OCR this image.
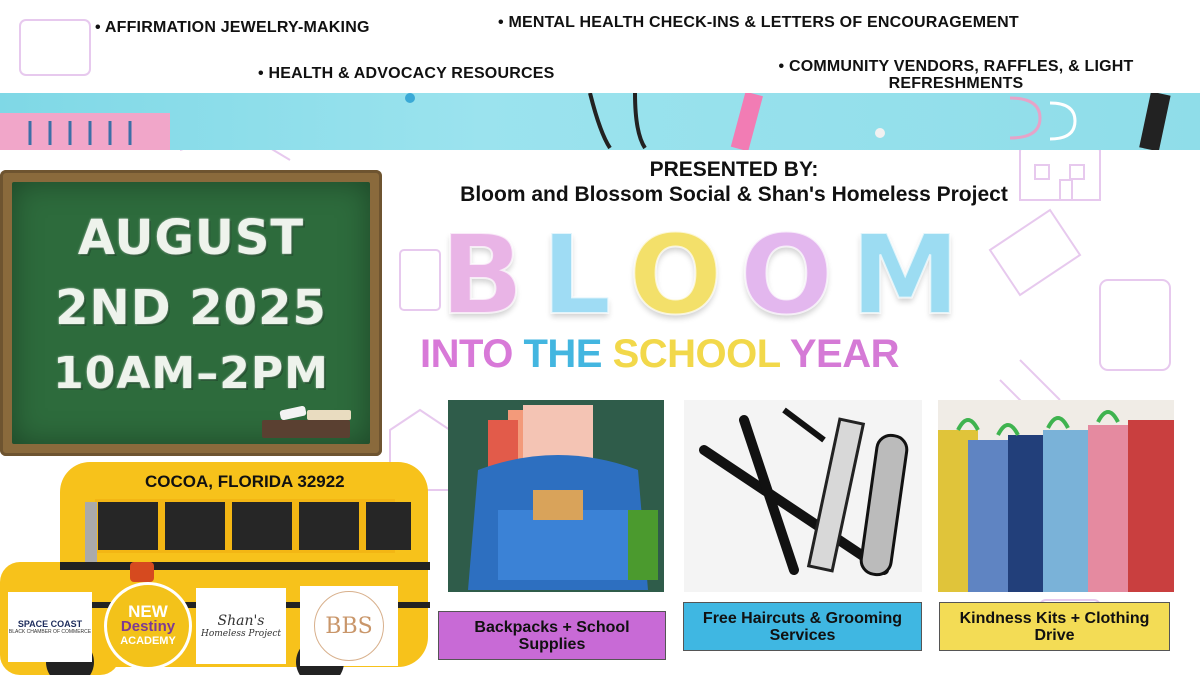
• AFFIRMATION JEWELRY-MAKING	• MENTAL HEALTH CHECK-INS & LETTERS OF ENCOURAGEMENT
• HEALTH & ADVOCACY RESOURCES	• COMMUNITY VENDORS, RAFFLES, & LIGHT
REFRESHMENTS
PRESENTED BY:
Bloom and Blossom Social & Shan's Homeless Project
AUGUST
2ND 2025
10AM–2PM
B L O O M
INTO THE SCHOOL YEAR
Backpacks + School Supplies
Free Haircuts & Grooming Services
Kindness Kits + Clothing Drive
COCOA, FLORIDA 32922
SPACE COAST
BLACK CHAMBER OF COMMERCE
NEW
Destiny
ACADEMY
Shan's
Homeless Project	BBS
